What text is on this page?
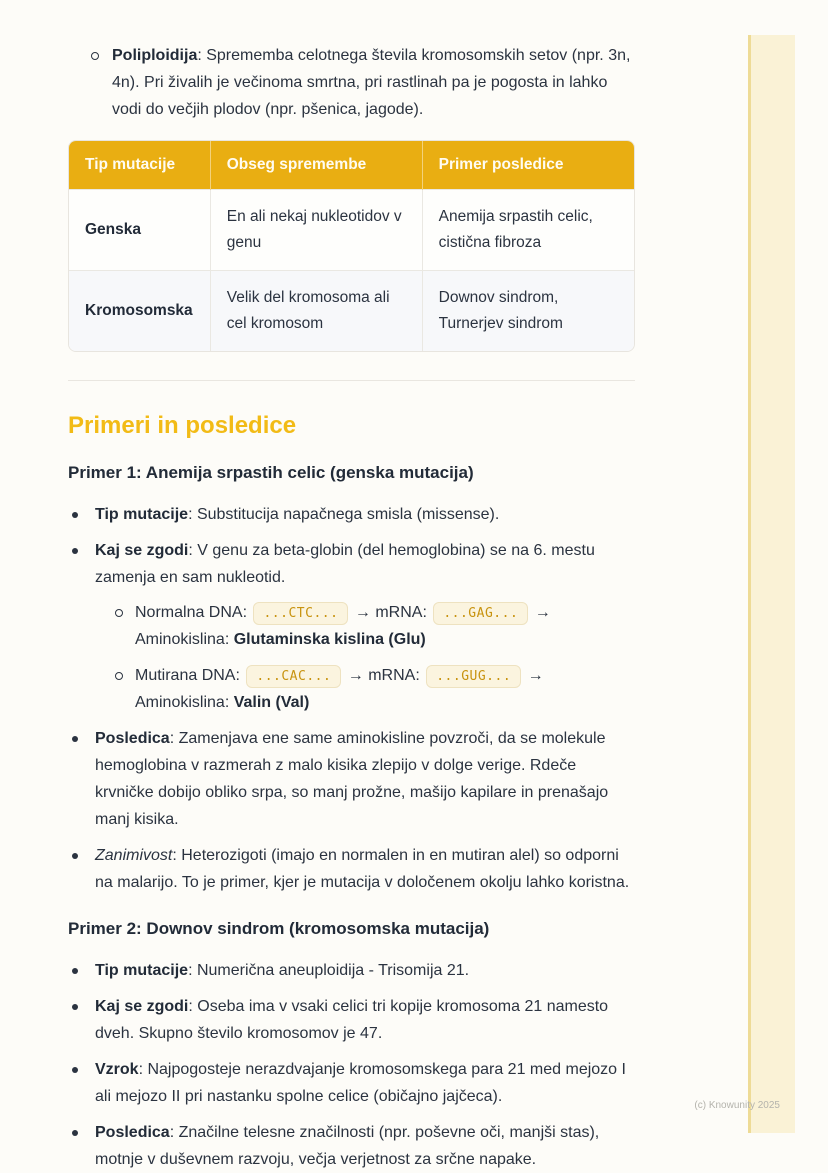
Poliploidija: Sprememba celotnega števila kromosomskih setov (npr. 3n, 4n). Pri živalih je večinoma smrtna, pri rastlinah pa je pogosta in lahko vodi do večjih plodov (npr. pšenica, jagode).
Tip mutacije	Obseg spremembe	Primer posledice
Genska	En ali nekaj nukleotidov v genu	Anemija srpastih celic, cistična fibroza
Kromosomska	Velik del kromosoma ali cel kromosom	Downov sindrom, Turnerjev sindrom
Primeri in posledice
Primer 1: Anemija srpastih celic (genska mutacija)
Tip mutacije: Substitucija napačnega smisla (missense).
Kaj se zgodi: V genu za beta-globin (del hemoglobina) se na 6. mestu zamenja en sam nukleotid.
Normalna DNA: ...CTC... → mRNA: ...GAG... → Aminokislina: Glutaminska kislina (Glu)
Mutirana DNA: ...CAC... → mRNA: ...GUG... → Aminokislina: Valin (Val)
Posledica: Zamenjava ene same aminokisline povzroči, da se molekule hemoglobina v razmerah z malo kisika zlepijo v dolge verige. Rdeče krvničke dobijo obliko srpa, so manj prožne, mašijo kapilare in prenašajo manj kisika.
Zanimivost: Heterozigoti (imajo en normalen in en mutiran alel) so odporni na malarijo. To je primer, kjer je mutacija v določenem okolju lahko koristna.
Primer 2: Downov sindrom (kromosomska mutacija)
Tip mutacije: Numerična aneuploidija - Trisomija 21.
Kaj se zgodi: Oseba ima v vsaki celici tri kopije kromosoma 21 namesto dveh. Skupno število kromosomov je 47.
Vzrok: Najpogosteje nerazdvajanje kromosomskega para 21 med mejozo I ali mejozo II pri nastanku spolne celice (običajno jajčeca).
Posledica: Značilne telesne značilnosti (npr. poševne oči, manjši stas), motnje v duševnem razvoju, večja verjetnost za srčne napake.
(c) Knowunity 2025
